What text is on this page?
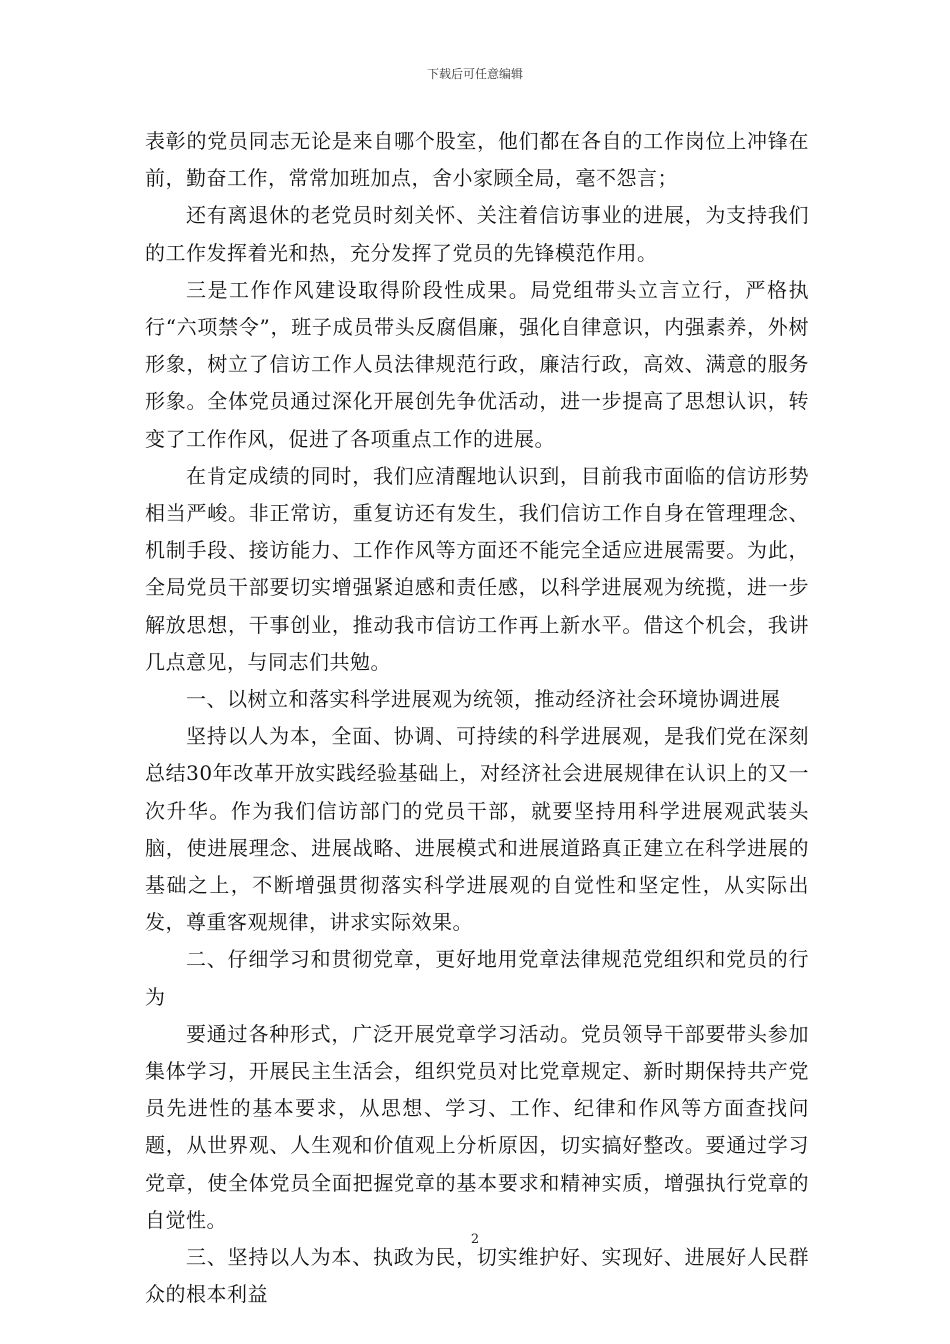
下载后可任意编辑

表彰的党员同志无论是来自哪个股室，他们都在各自的工作岗位上冲锋在前，勤奋工作，常常加班加点，舍小家顾全局，毫不怨言；

还有离退休的老党员时刻关怀、关注着信访事业的进展，为支持我们的工作发挥着光和热，充分发挥了党员的先锋模范作用。

三是工作作风建设取得阶段性成果。局党组带头立言立行，严格执行“六项禁令”，班子成员带头反腐倡廉，强化自律意识，内强素养，外树形象，树立了信访工作人员法律规范行政，廉洁行政，高效、满意的服务形象。全体党员通过深化开展创先争优活动，进一步提高了思想认识，转变了工作作风，促进了各项重点工作的进展。

在肯定成绩的同时，我们应清醒地认识到，目前我市面临的信访形势相当严峻。非正常访，重复访还有发生，我们信访工作自身在管理理念、机制手段、接访能力、工作作风等方面还不能完全适应进展需要。为此，全局党员干部要切实增强紧迫感和责任感，以科学进展观为统揽，进一步解放思想，干事创业，推动我市信访工作再上新水平。借这个机会，我讲几点意见，与同志们共勉。

一、以树立和落实科学进展观为统领，推动经济社会环境协调进展

坚持以人为本，全面、协调、可持续的科学进展观，是我们党在深刻总结30年改革开放实践经验基础上，对经济社会进展规律在认识上的又一次升华。作为我们信访部门的党员干部，就要坚持用科学进展观武装头脑，使进展理念、进展战略、进展模式和进展道路真正建立在科学进展的基础之上，不断增强贯彻落实科学进展观的自觉性和坚定性，从实际出发，尊重客观规律，讲求实际效果。

二、仔细学习和贯彻党章，更好地用党章法律规范党组织和党员的行为

要通过各种形式，广泛开展党章学习活动。党员领导干部要带头参加集体学习，开展民主生活会，组织党员对比党章规定、新时期保持共产党员先进性的基本要求，从思想、学习、工作、纪律和作风等方面查找问题，从世界观、人生观和价值观上分析原因，切实搞好整改。要通过学习党章，使全体党员全面把握党章的基本要求和精神实质，增强执行党章的自觉性。

三、坚持以人为本、执政为民，切实维护好、实现好、进展好人民群众的根本利益

2
